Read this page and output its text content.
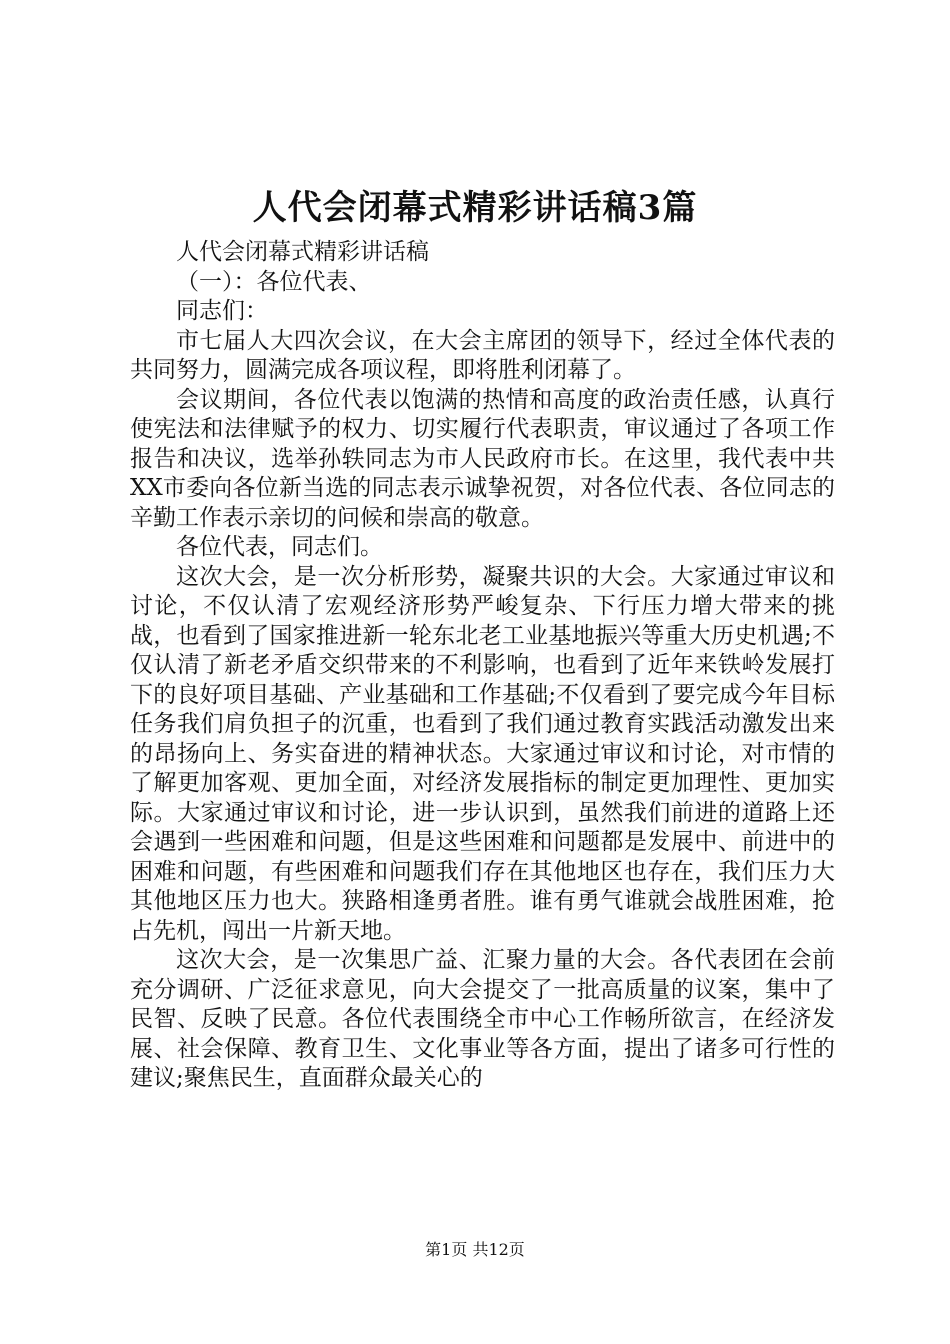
人代会闭幕式精彩讲话稿3篇

人代会闭幕式精彩讲话稿

（一）：各位代表、

同志们：

市七届人大四次会议，在大会主席团的领导下，经过全体代表的共同努力，圆满完成各项议程，即将胜利闭幕了。

会议期间，各位代表以饱满的热情和高度的政治责任感，认真行使宪法和法律赋予的权力、切实履行代表职责，审议通过了各项工作报告和决议，选举孙轶同志为市人民政府市长。在这里，我代表中共XX市委向各位新当选的同志表示诚挚祝贺，对各位代表、各位同志的辛勤工作表示亲切的问候和崇高的敬意。

各位代表，同志们。

这次大会，是一次分析形势，凝聚共识的大会。大家通过审议和讨论，不仅认清了宏观经济形势严峻复杂、下行压力增大带来的挑战，也看到了国家推进新一轮东北老工业基地振兴等重大历史机遇;不仅认清了新老矛盾交织带来的不利影响，也看到了近年来铁岭发展打下的良好项目基础、产业基础和工作基础;不仅看到了要完成今年目标任务我们肩负担子的沉重，也看到了我们通过教育实践活动激发出来的昂扬向上、务实奋进的精神状态。大家通过审议和讨论，对市情的了解更加客观、更加全面，对经济发展指标的制定更加理性、更加实际。大家通过审议和讨论，进一步认识到，虽然我们前进的道路上还会遇到一些困难和问题，但是这些困难和问题都是发展中、前进中的困难和问题，有些困难和问题我们存在其他地区也存在，我们压力大其他地区压力也大。狭路相逢勇者胜。谁有勇气谁就会战胜困难，抢占先机，闯出一片新天地。

这次大会，是一次集思广益、汇聚力量的大会。各代表团在会前充分调研、广泛征求意见，向大会提交了一批高质量的议案，集中了民智、反映了民意。各位代表围绕全市中心工作畅所欲言，在经济发展、社会保障、教育卫生、文化事业等各方面，提出了诸多可行性的建议;聚焦民生，直面群众最关心的

第1页 共12页
